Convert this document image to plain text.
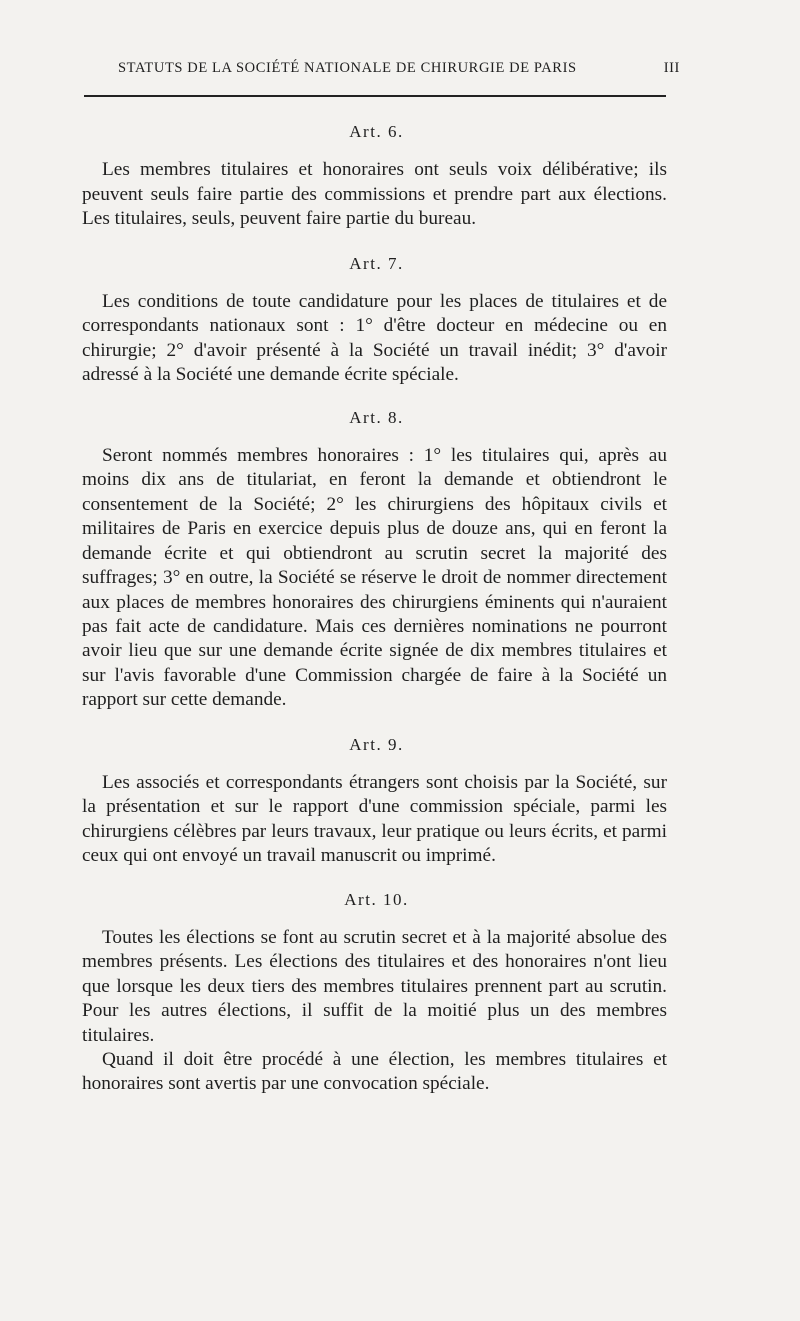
STATUTS DE LA SOCIÉTÉ NATIONALE DE CHIRURGIE DE PARIS	III
Art. 6.

Les membres titulaires et honoraires ont seuls voix délibérative; ils peuvent seuls faire partie des commissions et prendre part aux élections. Les titulaires, seuls, peuvent faire partie du bureau.

Art. 7.

Les conditions de toute candidature pour les places de titulaires et de correspondants nationaux sont : 1° d'être docteur en médecine ou en chirurgie; 2° d'avoir présenté à la Société un travail inédit; 3° d'avoir adressé à la Société une demande écrite spéciale.

Art. 8.

Seront nommés membres honoraires : 1° les titulaires qui, après au moins dix ans de titulariat, en feront la demande et obtiendront le consentement de la Société; 2° les chirurgiens des hôpitaux civils et militaires de Paris en exercice depuis plus de douze ans, qui en feront la demande écrite et qui obtiendront au scrutin secret la majorité des suffrages; 3° en outre, la Société se réserve le droit de nommer directement aux places de membres honoraires des chirurgiens éminents qui n'auraient pas fait acte de candidature. Mais ces dernières nominations ne pourront avoir lieu que sur une demande écrite signée de dix membres titulaires et sur l'avis favorable d'une Commission chargée de faire à la Société un rapport sur cette demande.

Art. 9.

Les associés et correspondants étrangers sont choisis par la Société, sur la présentation et sur le rapport d'une commission spéciale, parmi les chirurgiens célèbres par leurs travaux, leur pratique ou leurs écrits, et parmi ceux qui ont envoyé un travail manuscrit ou imprimé.

Art. 10.

Toutes les élections se font au scrutin secret et à la majorité absolue des membres présents. Les élections des titulaires et des honoraires n'ont lieu que lorsque les deux tiers des membres titulaires prennent part au scrutin. Pour les autres élections, il suffit de la moitié plus un des membres titulaires.

Quand il doit être procédé à une élection, les membres titulaires et honoraires sont avertis par une convocation spéciale.
